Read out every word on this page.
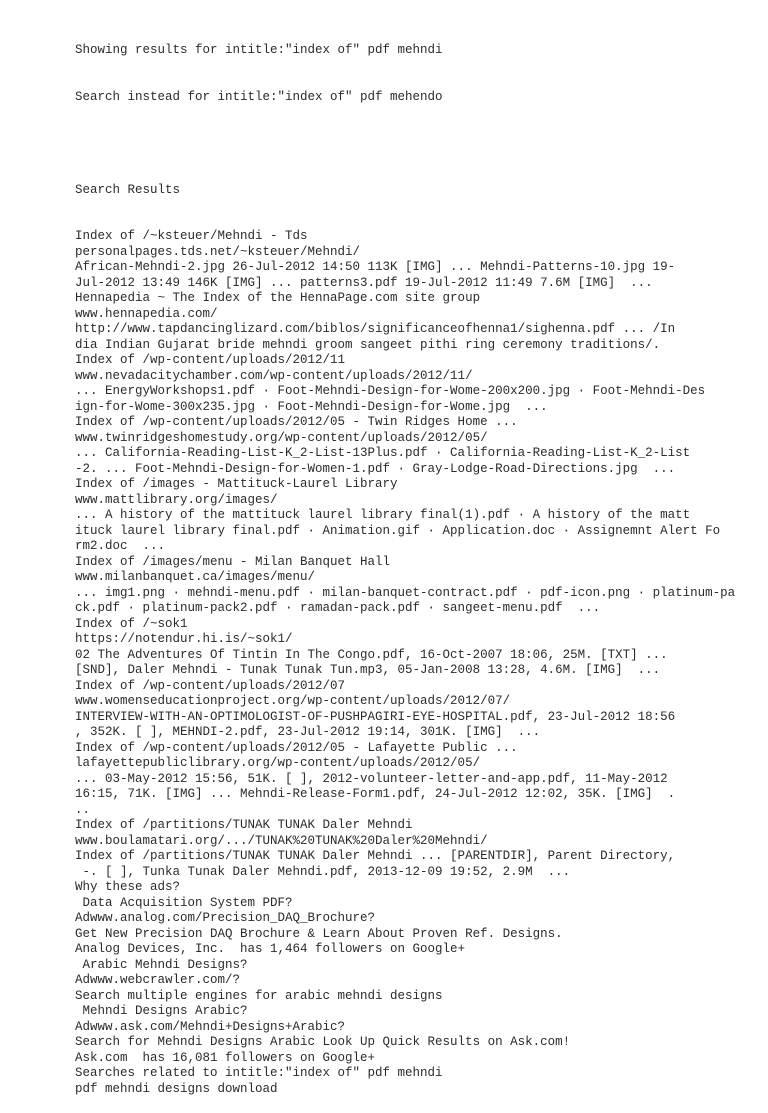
Showing results for intitle:"index of" pdf mehndi

Search instead for intitle:"index of" pdf mehendo

Search Results

Index of /~ksteuer/Mehndi - Tds
personalpages.tds.net/~ksteuer/Mehndi/
African-Mehndi-2.jpg 26-Jul-2012 14:50 113K [IMG] ... Mehndi-Patterns-10.jpg 19-
Jul-2012 13:49 146K [IMG] ... patterns3.pdf 19-Jul-2012 11:49 7.6M [IMG]  ...
Hennapedia ~ The Index of the HennaPage.com site group
www.hennapedia.com/
http://www.tapdancinglizard.com/biblos/significanceofhenna1/sighenna.pdf ... /In
dia Indian Gujarat bride mehndi groom sangeet pithi ring ceremony traditions/.
Index of /wp-content/uploads/2012/11
www.nevadacitychamber.com/wp-content/uploads/2012/11/
... EnergyWorkshops1.pdf · Foot-Mehndi-Design-for-Wome-200x200.jpg · Foot-Mehndi-Des
ign-for-Wome-300x235.jpg · Foot-Mehndi-Design-for-Wome.jpg  ...
Index of /wp-content/uploads/2012/05 - Twin Ridges Home ...
www.twinridgeshomestudy.org/wp-content/uploads/2012/05/
... California-Reading-List-K_2-List-13Plus.pdf · California-Reading-List-K_2-List
-2. ... Foot-Mehndi-Design-for-Women-1.pdf · Gray-Lodge-Road-Directions.jpg  ...
Index of /images - Mattituck-Laurel Library
www.mattlibrary.org/images/
... A history of the mattituck laurel library final(1).pdf · A history of the matt
ituck laurel library final.pdf · Animation.gif · Application.doc · Assignemnt Alert Fo
rm2.doc  ...
Index of /images/menu - Milan Banquet Hall
www.milanbanquet.ca/images/menu/
... img1.png · mehndi-menu.pdf · milan-banquet-contract.pdf · pdf-icon.png · platinum-pa
ck.pdf · platinum-pack2.pdf · ramadan-pack.pdf · sangeet-menu.pdf  ...
Index of /~sok1
https://notendur.hi.is/~sok1/
02 The Adventures Of Tintin In The Congo.pdf, 16-Oct-2007 18:06, 25M. [TXT] ...
[SND], Daler Mehndi - Tunak Tunak Tun.mp3, 05-Jan-2008 13:28, 4.6M. [IMG]  ...
Index of /wp-content/uploads/2012/07
www.womenseducationproject.org/wp-content/uploads/2012/07/
INTERVIEW-WITH-AN-OPTIMOLOGIST-OF-PUSHPAGIRI-EYE-HOSPITAL.pdf, 23-Jul-2012 18:56
, 352K. [ ], MEHNDI-2.pdf, 23-Jul-2012 19:14, 301K. [IMG]  ...
Index of /wp-content/uploads/2012/05 - Lafayette Public ...
lafayettepubliclibrary.org/wp-content/uploads/2012/05/
... 03-May-2012 15:56, 51K. [ ], 2012-volunteer-letter-and-app.pdf, 11-May-2012
16:15, 71K. [IMG] ... Mehndi-Release-Form1.pdf, 24-Jul-2012 12:02, 35K. [IMG]  .
..
Index of /partitions/TUNAK TUNAK Daler Mehndi
www.boulamatari.org/.../TUNAK%20TUNAK%20Daler%20Mehndi/
Index of /partitions/TUNAK TUNAK Daler Mehndi ... [PARENTDIR], Parent Directory,
-. [ ], Tunka Tunak Daler Mehndi.pdf, 2013-12-09 19:52, 2.9M  ...
Why these ads?
Data Acquisition System PDF?
Adwww.analog.com/Precision_DAQ_Brochure?
Get New Precision DAQ Brochure & Learn About Proven Ref. Designs.
Analog Devices, Inc.  has 1,464 followers on Google+
Arabic Mehndi Designs?
Adwww.webcrawler.com/?
Search multiple engines for arabic mehndi designs
Mehndi Designs Arabic?
Adwww.ask.com/Mehndi+Designs+Arabic?
Search for Mehndi Designs Arabic Look Up Quick Results on Ask.com!
Ask.com  has 16,081 followers on Google+
Searches related to intitle:"index of" pdf mehndi
pdf mehndi designs download
